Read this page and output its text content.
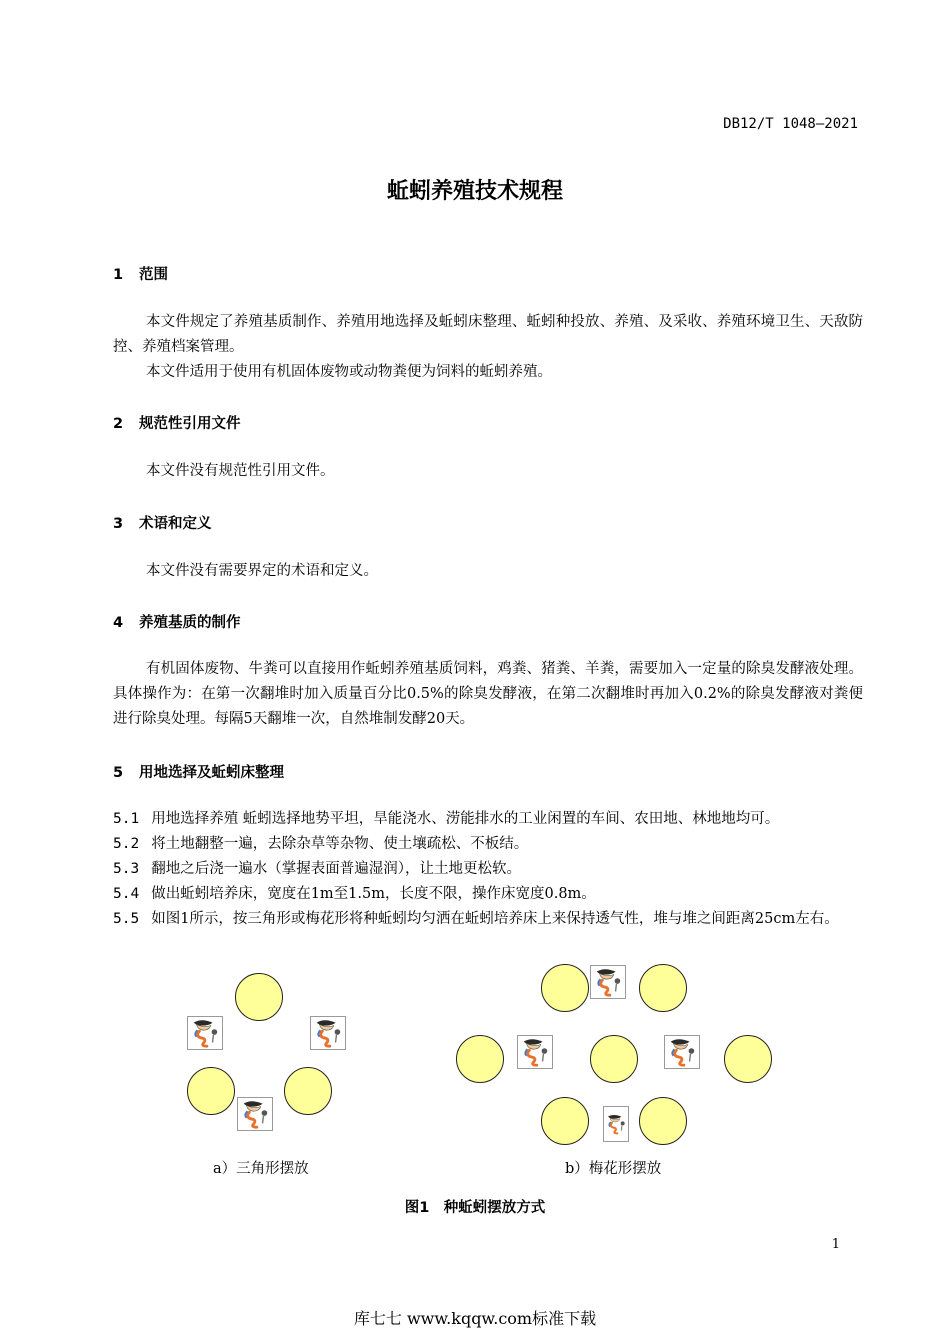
DB12/T 1048—2021
蚯蚓养殖技术规程
1 范围
本文件规定了养殖基质制作、养殖用地选择及蚯蚓床整理、蚯蚓种投放、养殖、及采收、养殖环境卫生、天敌防控、养殖档案管理。
本文件适用于使用有机固体废物或动物粪便为饲料的蚯蚓养殖。
2 规范性引用文件
本文件没有规范性引用文件。
3 术语和定义
本文件没有需要界定的术语和定义。
4 养殖基质的制作
有机固体废物、牛粪可以直接用作蚯蚓养殖基质饲料，鸡粪、猪粪、羊粪，需要加入一定量的除臭发酵液处理。具体操作为：在第一次翻堆时加入质量百分比0.5%的除臭发酵液，在第二次翻堆时再加入0.2%的除臭发酵液对粪便进行除臭处理。每隔5天翻堆一次，自然堆制发酵20天。
5 用地选择及蚯蚓床整理
5.1 用地选择养殖 蚯蚓选择地势平坦，旱能浇水、涝能排水的工业闲置的车间、农田地、林地地均可。
5.2 将土地翻整一遍，去除杂草等杂物、使土壤疏松、不板结。
5.3 翻地之后浇一遍水（掌握表面普遍湿润），让土地更松软。
5.4 做出蚯蚓培养床，宽度在1m至1.5m，长度不限，操作床宽度0.8m。
5.5 如图1所示，按三角形或梅花形将种蚯蚓均匀洒在蚯蚓培养床上来保持透气性，堆与堆之间距离25cm左右。
a）三角形摆放	b）梅花形摆放
图1　种蚯蚓摆放方式
1
库七七 www.kqqw.com标准下载
